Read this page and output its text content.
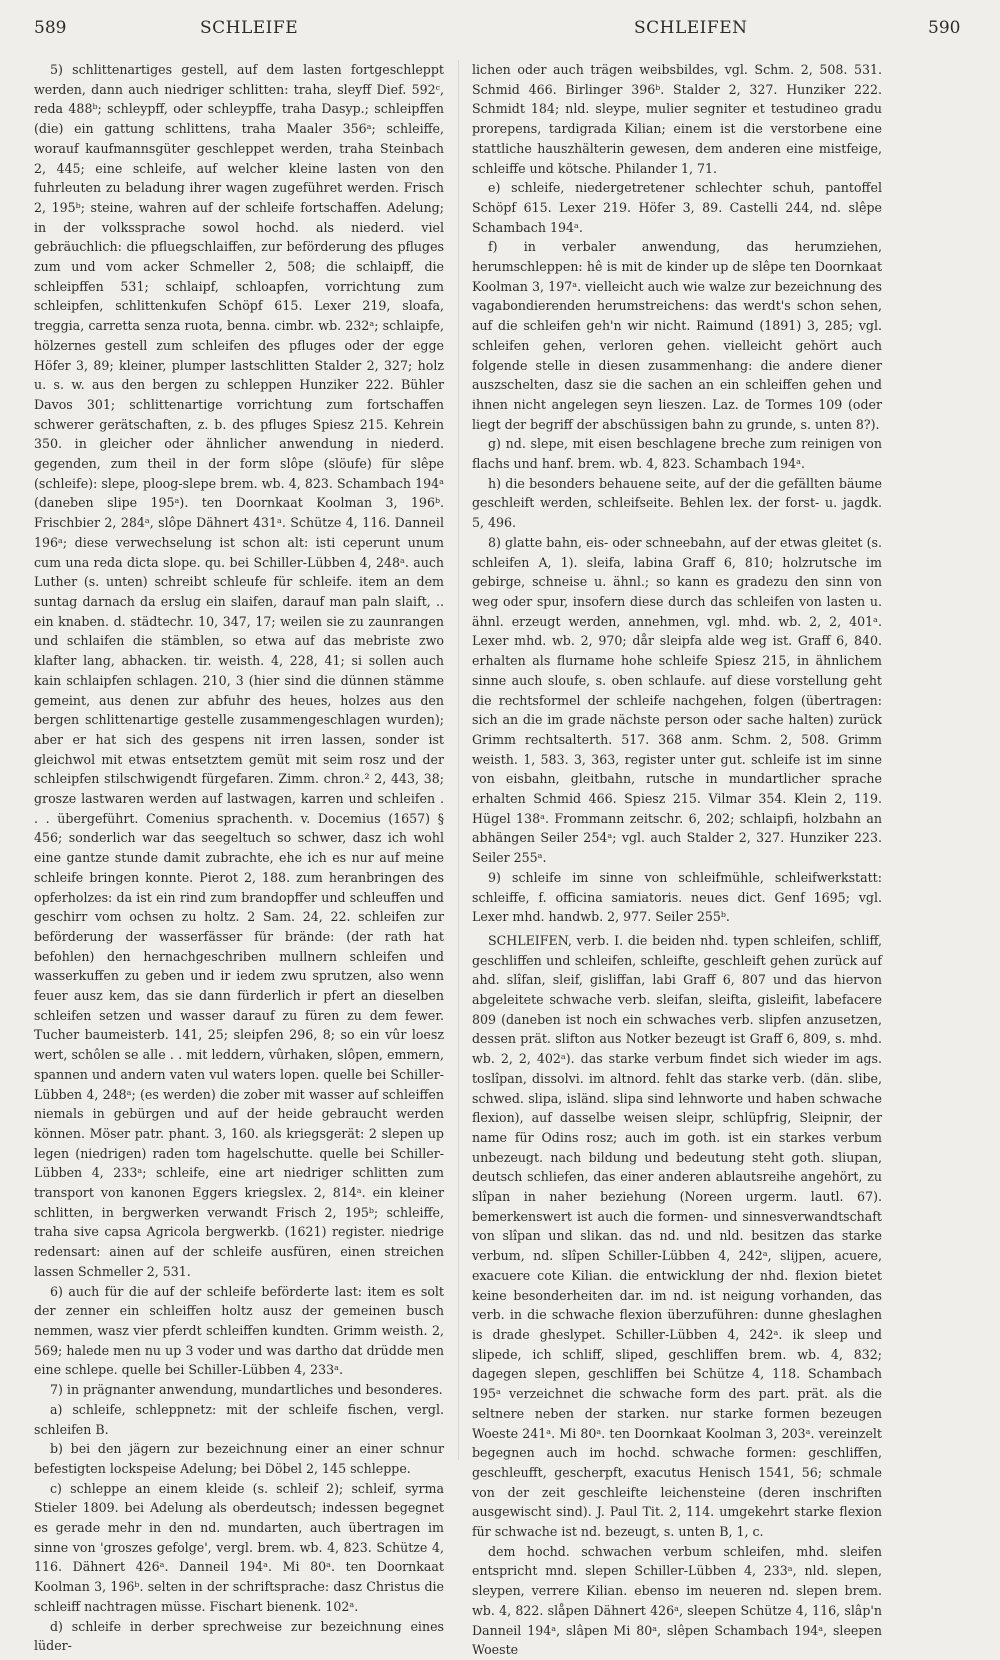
589	SCHLEIFE	SCHLEIFEN	590

5) schlittenartiges gestell, auf dem lasten fortgeschleppt werden, dann auch niedriger schlitten: traha, sleyff Dief. 592ᶜ, reda 488ᵇ; schleypff, oder schleypffe, traha Dasyp.; schleipffen (die) ein gattung schlittens, traha Maaler 356ᵃ; schleiffe, worauf kaufmannsgüter geschleppet werden, traha Steinbach 2, 445; eine schleife, auf welcher kleine lasten von den fuhrleuten zu beladung ihrer wagen zugeführet werden. Frisch 2, 195ᵇ; steine, wahren auf der schleife fortschaffen. Adelung; in der volkssprache sowol hochd. als niederd. viel gebräuchlich: die pfluegschlaiffen, zur beförderung des pfluges zum und vom acker Schmeller 2, 508; die schlaipff, die schleipffen 531; schlaipf, schloapfen, vorrichtung zum schleipfen, schlittenkufen Schöpf 615. Lexer 219, sloafa, treggia, carretta senza ruota, benna. cimbr. wb. 232ᵃ; schlaipfe, hölzernes gestell zum schleifen des pfluges oder der egge Höfer 3, 89; kleiner, plumper lastschlitten Stalder 2, 327; holz u. s. w. aus den bergen zu schleppen Hunziker 222. Bühler Davos 301; schlittenartige vorrichtung zum fortschaffen schwerer gerätschaften, z. b. des pfluges Spiesz 215. Kehrein 350. in gleicher oder ähnlicher anwendung in niederd. gegenden, zum theil in der form slôpe (slöufe) für slêpe (schleife): slepe, ploog-slepe brem. wb. 4, 823. Schambach 194ᵃ (daneben slipe 195ᵃ). ten Doornkaat Koolman 3, 196ᵇ. Frischbier 2, 284ᵃ, slôpe Dähnert 431ᵃ. Schütze 4, 116. Danneil 196ᵃ; diese verwechselung ist schon alt: isti ceperunt unum cum una reda dicta slope. qu. bei Schiller-Lübben 4, 248ᵃ. auch Luther (s. unten) schreibt schleufe für schleife. item an dem suntag darnach da erslug ein slaifen, darauf man paln slaift, .. ein knaben. d. städtechr. 10, 347, 17; weilen sie zu zaunrangen und schlaifen die stämblen, so etwa auf das mebriste zwo klafter lang, abhacken. tir. weisth. 4, 228, 41; si sollen auch kain schlaipfen schlagen. 210, 3 (hier sind die dünnen stämme gemeint, aus denen zur abfuhr des heues, holzes aus den bergen schlittenartige gestelle zusammengeschlagen wurden); aber er hat sich des gespens nit irren lassen, sonder ist gleichwol mit etwas entsetztem gemüt mit seim rosz und der schleipfen stilschwigendt fürgefaren. Zimm. chron.² 2, 443, 38; grosze lastwaren werden auf lastwagen, karren und schleifen . . . übergeführt. Comenius sprachenth. v. Docemius (1657) § 456; sonderlich war das seegeltuch so schwer, dasz ich wohl eine gantze stunde damit zubrachte, ehe ich es nur auf meine schleife bringen konnte. Pierot 2, 188. zum heranbringen des opferholzes: da ist ein rind zum brandopffer und schleuffen und geschirr vom ochsen zu holtz. 2 Sam. 24, 22. schleifen zur beförderung der wasserfässer für brände: (der rath hat befohlen) den hernachgeschriben mullnern schleifen und wasserkuffen zu geben und ir iedem zwu sprutzen, also wenn feuer ausz kem, das sie dann fürderlich ir pfert an dieselben schleifen setzen und wasser darauf zu füren zu dem fewer. Tucher baumeisterb. 141, 25; sleipfen 296, 8; so ein vûr loesz wert, schôlen se alle . . mit leddern, vûrhaken, slôpen, emmern, spannen und andern vaten vul waters lopen. quelle bei Schiller-Lübben 4, 248ᵃ; (es werden) die zober mit wasser auf schleiffen niemals in gebürgen und auf der heide gebraucht werden können. Möser patr. phant. 3, 160. als kriegsgerät: 2 slepen up legen (niedrigen) raden tom hagelschutte. quelle bei Schiller-Lübben 4, 233ᵃ; schleife, eine art niedriger schlitten zum transport von kanonen Eggers kriegslex. 2, 814ᵃ. ein kleiner schlitten, in bergwerken verwandt Frisch 2, 195ᵇ; schleiffe, traha sive capsa Agricola bergwerkb. (1621) register. niedrige redensart: ainen auf der schleife ausfüren, einen streichen lassen Schmeller 2, 531.

6) auch für die auf der schleife beförderte last: item es solt der zenner ein schleiffen holtz ausz der gemeinen busch nemmen, wasz vier pferdt schleiffen kundten. Grimm weisth. 2, 569; halede men nu up 3 voder und was dartho dat drüdde men eine schlepe. quelle bei Schiller-Lübben 4, 233ᵃ.

7) in prägnanter anwendung, mundartliches und besonderes.

a) schleife, schleppnetz: mit der schleife fischen, vergl. schleifen B.

b) bei den jägern zur bezeichnung einer an einer schnur befestigten lockspeise Adelung; bei Döbel 2, 145 schleppe.

c) schleppe an einem kleide (s. schleif 2); schleif, syrma Stieler 1809. bei Adelung als oberdeutsch; indessen begegnet es gerade mehr in den nd. mundarten, auch übertragen im sinne von 'groszes gefolge', vergl. brem. wb. 4, 823. Schütze 4, 116. Dähnert 426ᵃ. Danneil 194ᵃ. Mi 80ᵃ. ten Doornkaat Koolman 3, 196ᵇ. selten in der schriftsprache: dasz Christus die schleiff nachtragen müsse. Fischart bienenk. 102ᵃ.

d) schleife in derber sprechweise zur bezeichnung eines lüder-

lichen oder auch trägen weibsbildes, vgl. Schm. 2, 508. 531. Schmid 466. Birlinger 396ᵇ. Stalder 2, 327. Hunziker 222. Schmidt 184; nld. sleype, mulier segniter et testudineo gradu prorepens, tardigrada Kilian; einem ist die verstorbene eine stattliche hauszhälterin gewesen, dem anderen eine mistfeige, schleiffe und kötsche. Philander 1, 71.

e) schleife, niedergetretener schlechter schuh, pantoffel Schöpf 615. Lexer 219. Höfer 3, 89. Castelli 244, nd. slêpe Schambach 194ᵃ.

f) in verbaler anwendung, das herumziehen, herumschleppen: hê is mit de kinder up de slêpe ten Doornkaat Koolman 3, 197ᵃ. vielleicht auch wie walze zur bezeichnung des vagabondierenden herumstreichens: das werdt's schon sehen, auf die schleifen geh'n wir nicht. Raimund (1891) 3, 285; vgl. schleifen gehen, verloren gehen. vielleicht gehört auch folgende stelle in diesen zusammenhang: die andere diener auszschelten, dasz sie die sachen an ein schleiffen gehen und ihnen nicht angelegen seyn lieszen. Laz. de Tormes 109 (oder liegt der begriff der abschüssigen bahn zu grunde, s. unten 8?).

g) nd. slepe, mit eisen beschlagene breche zum reinigen von flachs und hanf. brem. wb. 4, 823. Schambach 194ᵃ.

h) die besonders behauene seite, auf der die gefällten bäume geschleift werden, schleifseite. Behlen lex. der forst- u. jagdk. 5, 496.

8) glatte bahn, eis- oder schneebahn, auf der etwas gleitet (s. schleifen A, 1). sleifa, labina Graff 6, 810; holzrutsche im gebirge, schneise u. ähnl.; so kann es gradezu den sinn von weg oder spur, insofern diese durch das schleifen von lasten u. ähnl. erzeugt werden, annehmen, vgl. mhd. wb. 2, 2, 401ᵃ. Lexer mhd. wb. 2, 970; dår sleipfa alde weg ist. Graff 6, 840. erhalten als flurname hohe schleife Spiesz 215, in ähnlichem sinne auch sloufe, s. oben schlaufe. auf diese vorstellung geht die rechtsformel der schleife nachgehen, folgen (übertragen: sich an die im grade nächste person oder sache halten) zurück Grimm rechtsalterth. 517. 368 anm. Schm. 2, 508. Grimm weisth. 1, 583. 3, 363, register unter gut. schleife ist im sinne von eisbahn, gleitbahn, rutsche in mundartlicher sprache erhalten Schmid 466. Spiesz 215. Vilmar 354. Klein 2, 119. Hügel 138ᵃ. Frommann zeitschr. 6, 202; schlaipfi, holzbahn an abhängen Seiler 254ᵃ; vgl. auch Stalder 2, 327. Hunziker 223. Seiler 255ᵃ.

9) schleife im sinne von schleifmühle, schleifwerkstatt: schleiffe, f. officina samiatoris. neues dict. Genf 1695; vgl. Lexer mhd. handwb. 2, 977. Seiler 255ᵇ.

SCHLEIFEN, verb. I. die beiden nhd. typen schleifen, schliff, geschliffen und schleifen, schleifte, geschleift gehen zurück auf ahd. slîfan, sleif, gisliffan, labi Graff 6, 807 und das hiervon abgeleitete schwache verb. sleifan, sleifta, gisleifit, labefacere 809 (daneben ist noch ein schwaches verb. slipfen anzusetzen, dessen prät. slifton aus Notker bezeugt ist Graff 6, 809, s. mhd. wb. 2, 2, 402ᵃ). das starke verbum findet sich wieder im ags. toslîpan, dissolvi. im altnord. fehlt das starke verb. (dän. slibe, schwed. slipa, isländ. slipa sind lehnworte und haben schwache flexion), auf dasselbe weisen sleipr, schlüpfrig, Sleipnir, der name für Odins rosz; auch im goth. ist ein starkes verbum unbezeugt. nach bildung und bedeutung steht goth. sliupan, deutsch schliefen, das einer anderen ablautsreihe angehört, zu slîpan in naher beziehung (Noreen urgerm. lautl. 67). bemerkenswert ist auch die formen- und sinnesverwandtschaft von slîpan und slikan. das nd. und nld. besitzen das starke verbum, nd. slîpen Schiller-Lübben 4, 242ᵃ, slijpen, acuere, exacuere cote Kilian. die entwicklung der nhd. flexion bietet keine besonderheiten dar. im nd. ist neigung vorhanden, das verb. in die schwache flexion überzuführen: dunne gheslaghen is drade gheslypet. Schiller-Lübben 4, 242ᵃ. ik sleep und slipede, ich schliff, sliped, geschliffen brem. wb. 4, 832; dagegen slepen, geschliffen bei Schütze 4, 118. Schambach 195ᵃ verzeichnet die schwache form des part. prät. als die seltnere neben der starken. nur starke formen bezeugen Woeste 241ᵃ. Mi 80ᵃ. ten Doornkaat Koolman 3, 203ᵃ. vereinzelt begegnen auch im hochd. schwache formen: geschliffen, geschleufft, gescherpft, exacutus Henisch 1541, 56; schmale von der zeit geschleifte leichensteine (deren inschriften ausgewischt sind). J. Paul Tit. 2, 114. umgekehrt starke flexion für schwache ist nd. bezeugt, s. unten B, 1, c.

dem hochd. schwachen verbum schleifen, mhd. sleifen entspricht mnd. slepen Schiller-Lübben 4, 233ᵃ, nld. slepen, sleypen, verrere Kilian. ebenso im neueren nd. slepen brem. wb. 4, 822. slåpen Dähnert 426ᵃ, sleepen Schütze 4, 116, slâp'n Danneil 194ᵃ, slâpen Mi 80ᵃ, slêpen Schambach 194ᵃ, sleepen Woeste
